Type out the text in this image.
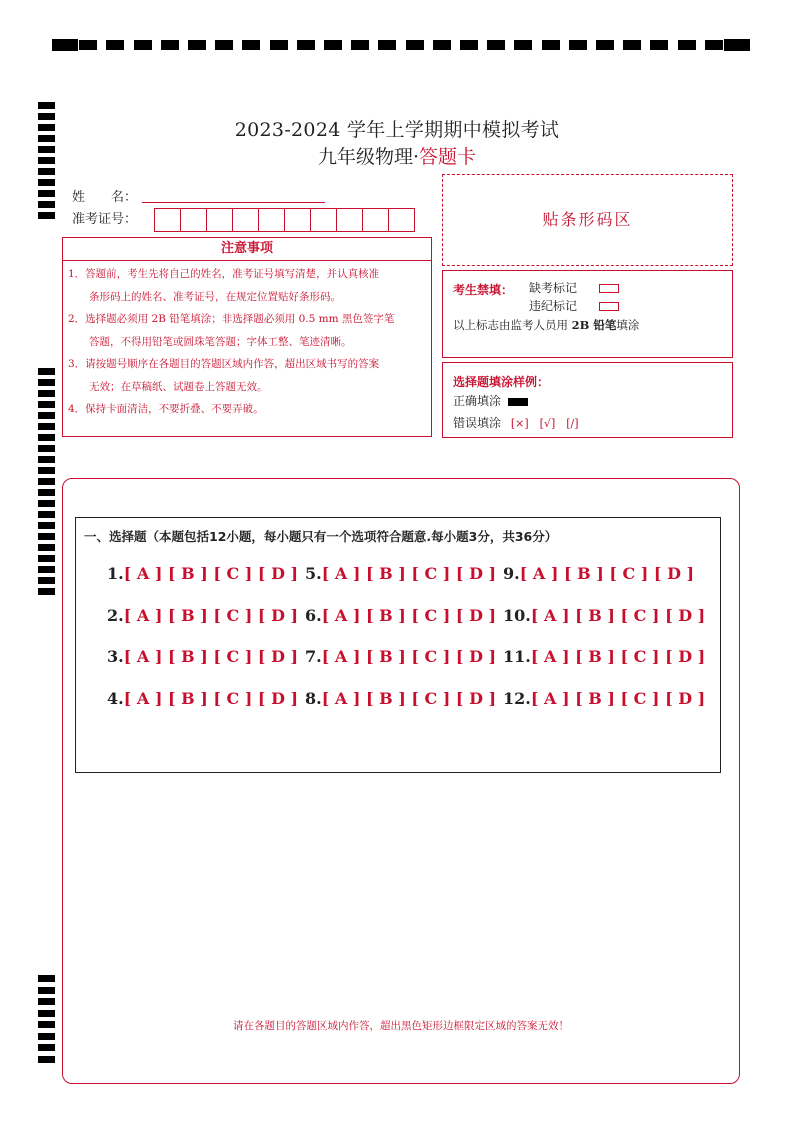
2023-2024 学年上学期期中模拟考试
九年级物理·答题卡
姓　　名：
准考证号：
注意事项
1．答题前，考生先将自己的姓名，准考证号填写清楚，并认真核准
　　条形码上的姓名、准考证号，在规定位置贴好条形码。
2．选择题必须用 2B 铅笔填涂；非选择题必须用 0.5 mm 黑色签字笔
　　答题，不得用铅笔或圆珠笔答题；字体工整、笔迹清晰。
3．请按题号顺序在各题目的答题区域内作答，超出区域书写的答案
　　无效；在草稿纸、试题卷上答题无效。
4．保持卡面清洁，不要折叠、不要弄破。
贴条形码区
考生禁填： 缺考标记
违纪标记
以上标志由监考人员用 2B 铅笔填涂
选择题填涂样例：
正确填涂
错误填涂 [×]　[√]　[/]
一、选择题（本题包括12小题，每小题只有一个选项符合题意.每小题3分，共36分）
1.[ A ] [ B ] [ C ] [ D ]
2.[ A ] [ B ] [ C ] [ D ]
3.[ A ] [ B ] [ C ] [ D ]
4.[ A ] [ B ] [ C ] [ D ]
5.[ A ] [ B ] [ C ] [ D ]
6.[ A ] [ B ] [ C ] [ D ]
7.[ A ] [ B ] [ C ] [ D ]
8.[ A ] [ B ] [ C ] [ D ]
9.[ A ] [ B ] [ C ] [ D ]
10.[ A ] [ B ] [ C ] [ D ]
11.[ A ] [ B ] [ C ] [ D ]
12.[ A ] [ B ] [ C ] [ D ]
请在各题目的答题区域内作答，超出黑色矩形边框限定区域的答案无效！
